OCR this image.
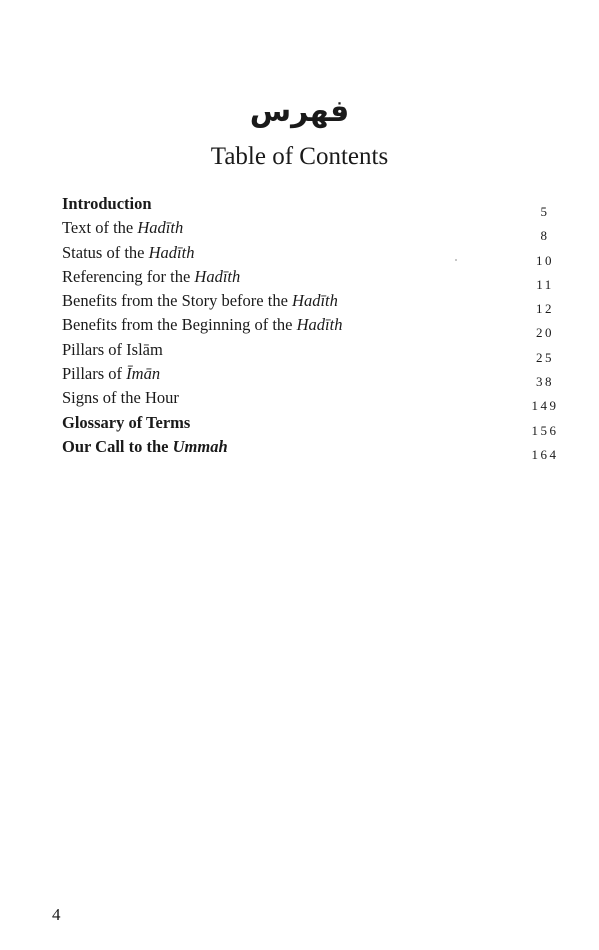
فهرس
Table of Contents
Introduction	5
Text of the Hadīth	8
Status of the Hadīth	10
Referencing for the Hadīth	11
Benefits from the Story before the Hadīth	12
Benefits from the Beginning of the Hadīth	20
Pillars of Islām	25
Pillars of Īmān	38
Signs of the Hour	149
Glossary of Terms	156
Our Call to the Ummah	164
4
